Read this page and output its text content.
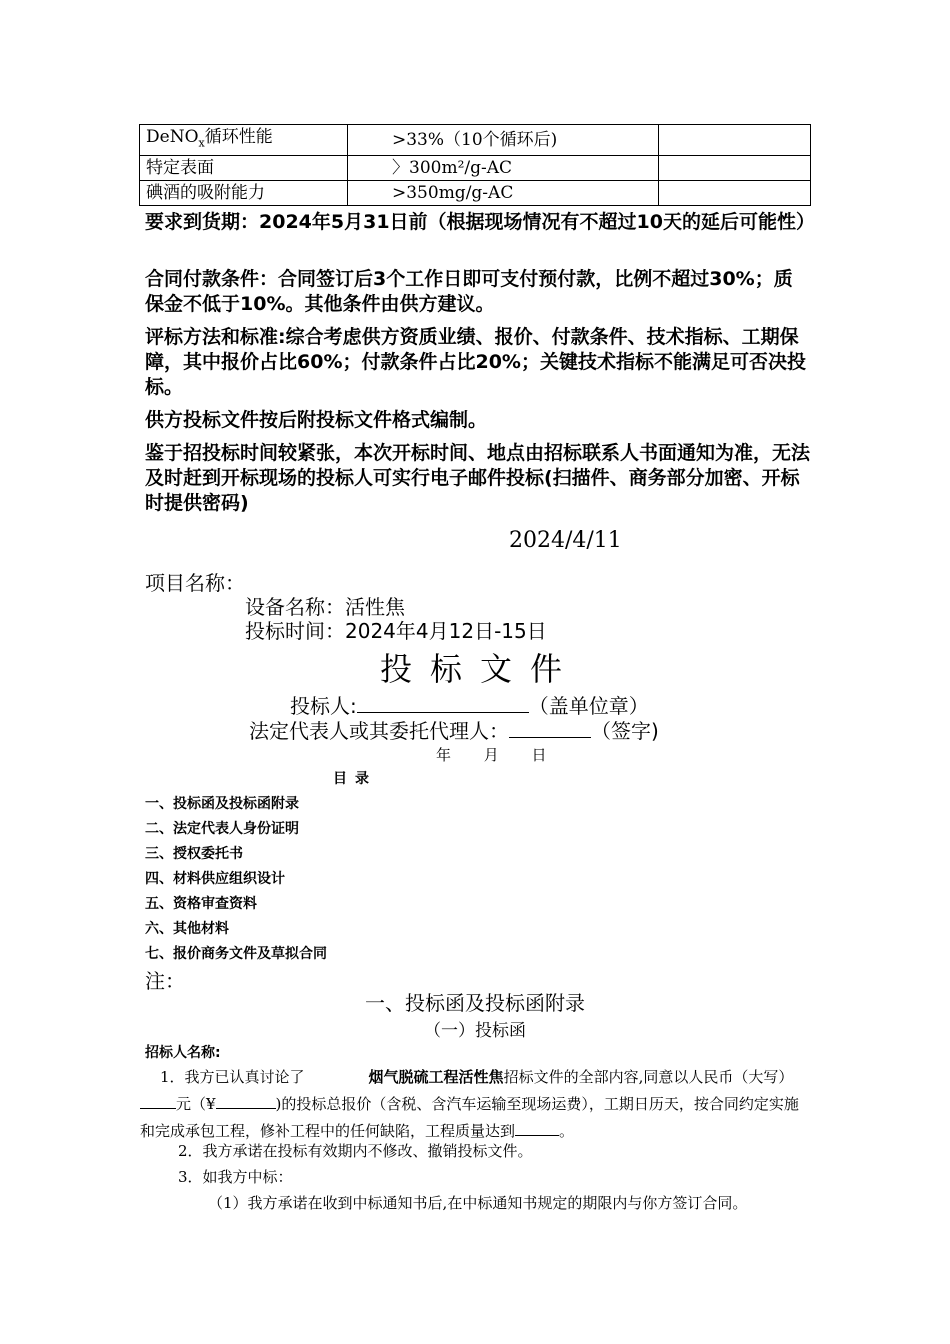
DeNO$_x$循环性能	>33%（10个循环后)	
特定表面	〉300m²/g-AC	
碘酒的吸附能力	>350mg/g-AC	
要求到货期：2024年5月31日前（根据现场情况有不超过10天的延后可能性）
合同付款条件：合同签订后3个工作日即可支付预付款，比例不超过30%；质保金不低于10%。其他条件由供方建议。
评标方法和标准:综合考虑供方资质业绩、报价、付款条件、技术指标、工期保障，其中报价占比60%；付款条件占比20%；关键技术指标不能满足可否决投标。
供方投标文件按后附投标文件格式编制。
鉴于招投标时间较紧张，本次开标时间、地点由招标联系人书面通知为准，无法及时赶到开标现场的投标人可实行电子邮件投标(扫描件、商务部分加密、开标时提供密码)
2024/4/11
项目名称：
设备名称：活性焦
投标时间：2024年4月12日-15日
投标文件
投标人:	（盖单位章）
法定代表人或其委托代理人：	（签字)
年 月 日
目录
一、投标函及投标函附录
二、法定代表人身份证明
三、授权委托书
四、材料供应组织设计
五、资格审查资料
六、其他材料
七、报价商务文件及草拟合同
注：
一、投标函及投标函附录
（一）投标函
招标人名称:
1．我方已认真讨论了	烟气脱硫工程活性焦招标文件的全部内容,同意以人民币（大写）元（¥	)的投标总报价（含税、含汽车运输至现场运费），工期日历天，按合同约定实施和完成承包工程，修补工程中的任何缺陷，工程质量达到	。
2．我方承诺在投标有效期内不修改、撤销投标文件。
3．如我方中标：
（1）我方承诺在收到中标通知书后,在中标通知书规定的期限内与你方签订合同。
